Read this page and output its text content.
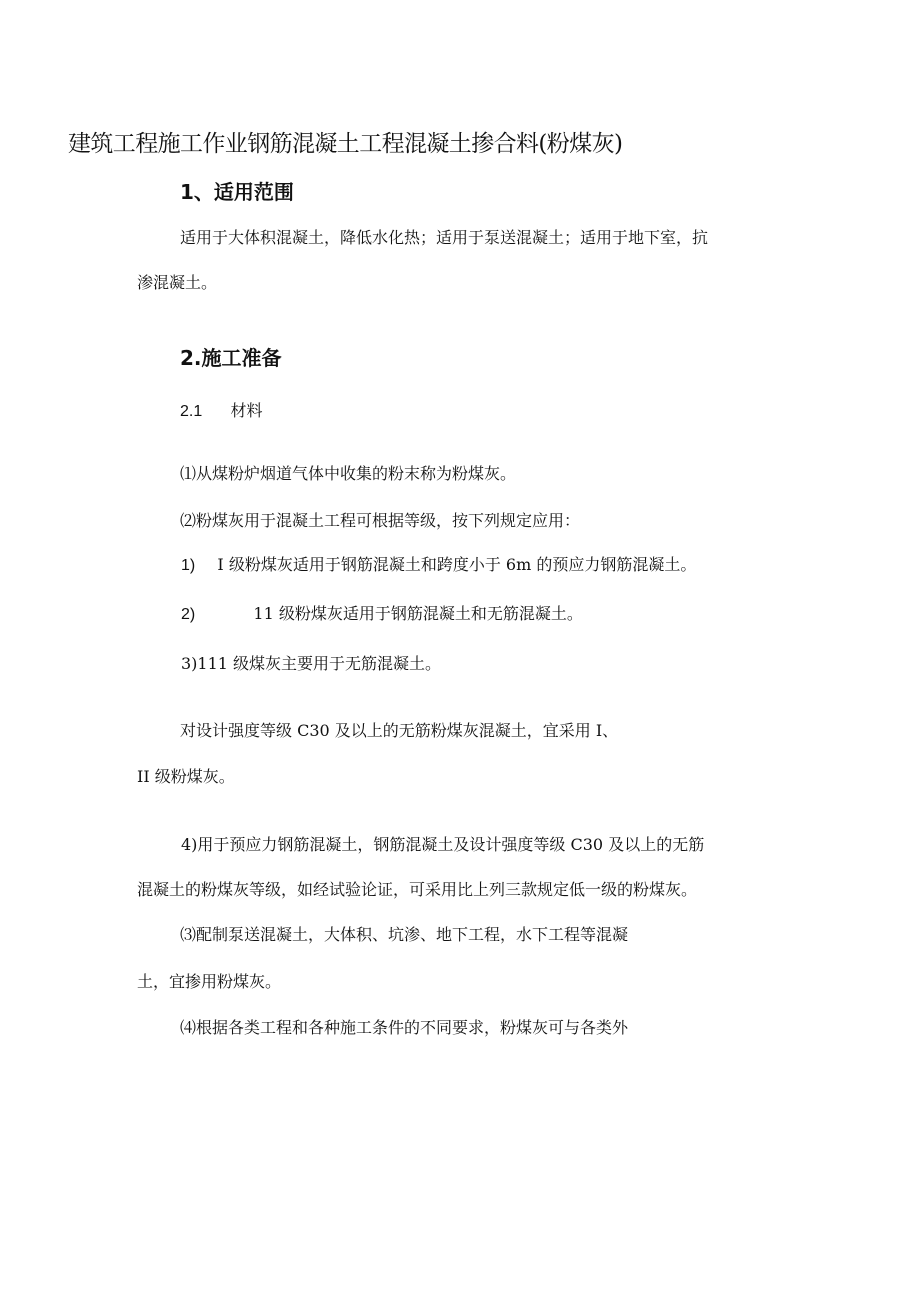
建筑工程施工作业钢筋混凝土工程混凝土掺合料(粉煤灰)
1、适用范围
适用于大体积混凝土，降低水化热；适用于泵送混凝土；适用于地下室，抗
渗混凝土。
2.施工准备
2.1 材料
⑴从煤粉炉烟道气体中收集的粉末称为粉煤灰。
⑵粉煤灰用于混凝土工程可根据等级，按下列规定应用：
1) I 级粉煤灰适用于钢筋混凝土和跨度小于 6m 的预应力钢筋混凝土。
2)	11 级粉煤灰适用于钢筋混凝土和无筋混凝土。
3)111 级煤灰主要用于无筋混凝土。
对设计强度等级 C30 及以上的无筋粉煤灰混凝土，宜采用 I、
II 级粉煤灰。
4)用于预应力钢筋混凝土，钢筋混凝土及设计强度等级 C30 及以上的无筋
混凝土的粉煤灰等级，如经试验论证，可采用比上列三款规定低一级的粉煤灰。
⑶配制泵送混凝土，大体积、坑渗、地下工程，水下工程等混凝
土，宜掺用粉煤灰。
⑷根据各类工程和各种施工条件的不同要求，粉煤灰可与各类外
